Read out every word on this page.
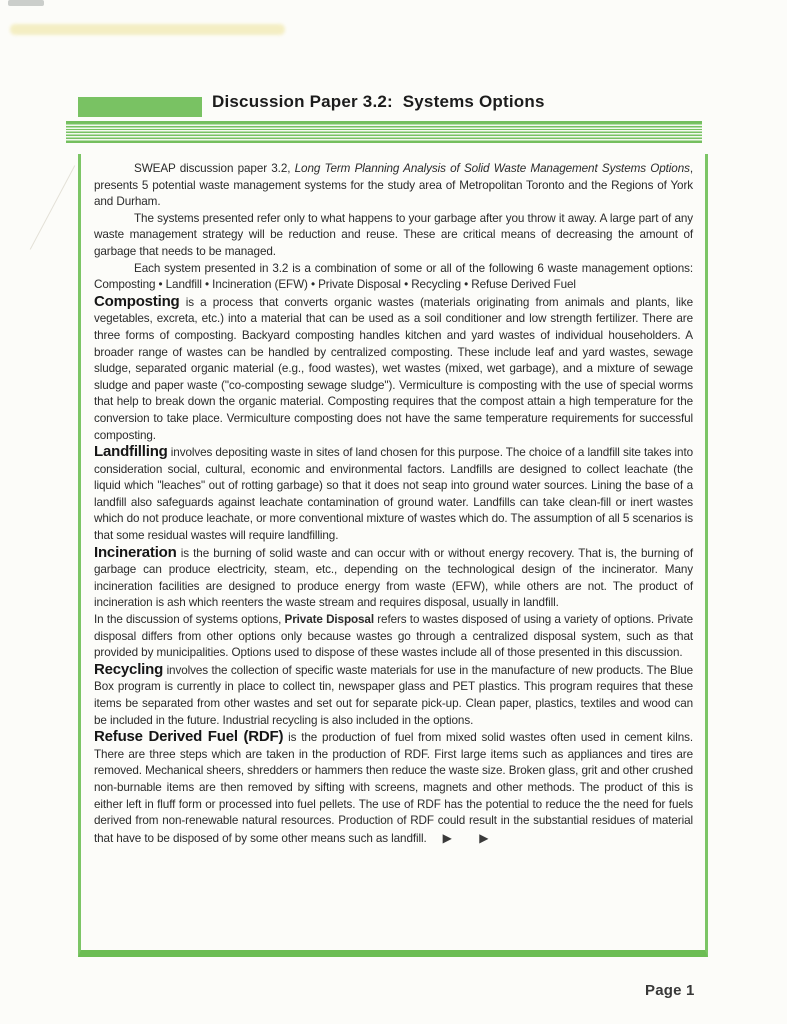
Discussion Paper 3.2:  Systems Options

SWEAP discussion paper 3.2, Long Term Planning Analysis of Solid Waste Management Systems Options, presents 5 potential waste management systems for the study area of Metropolitan Toronto and the Regions of York and Durham.

The systems presented refer only to what happens to your garbage after you throw it away. A large part of any waste management strategy will be reduction and reuse. These are critical means of decreasing the amount of garbage that needs to be managed.

Each system presented in 3.2 is a combination of some or all of the following 6 waste management options:    Composting • Landfill • Incineration (EFW) • Private Disposal • Recycling • Refuse Derived Fuel

Composting is a process that converts organic wastes (materials originating from animals and plants, like vegetables, excreta, etc.) into a material that can be used as a soil conditioner and low strength fertilizer. There are three forms of composting. Backyard composting handles kitchen and yard wastes of individual householders. A broader range of wastes can be handled by centralized composting. These include leaf and yard wastes, sewage sludge, separated organic material (e.g., food wastes), wet wastes (mixed, wet garbage), and a mixture of sewage sludge and paper waste ("co-composting sewage sludge"). Vermiculture is composting with the use of special worms that help to break down the organic material. Composting requires that the compost attain a high temperature for the conversion to take place. Vermiculture composting does not have the same temperature requirements for successful composting.

Landfilling involves depositing waste in sites of land chosen for this purpose. The choice of a landfill site takes into consideration social, cultural, economic and environmental factors. Landfills are designed to collect leachate (the liquid which "leaches" out of rotting garbage) so that it does not seap into ground water sources. Lining the base of a landfill also safeguards against leachate contamination of ground water. Landfills can take clean-fill or inert wastes which do not produce leachate, or more conventional mixture of wastes which do. The assumption of all 5 scenarios is that some residual wastes will require landfilling.

Incineration is the burning of solid waste and can occur with or without energy recovery. That is, the burning of garbage can produce electricity, steam, etc., depending on the technological design of the incinerator. Many incineration facilities are designed to produce energy from waste (EFW), while others are not. The product of incineration is ash which reenters the waste stream and requires disposal, usually in landfill.

In the discussion of systems options, Private Disposal refers to wastes disposed of using a variety of options. Private disposal differs from other options only because wastes go through a centralized disposal system, such as that provided by municipalities. Options used to dispose of these wastes include all of those presented in this discussion.

Recycling involves the collection of specific waste materials for use in the manufacture of new products. The Blue Box program is currently in place to collect tin, newspaper glass and PET plastics. This program requires that these items be separated from other wastes and set out for separate pick-up. Clean paper, plastics, textiles and wood can be included in the future. Industrial recycling is also included in the options.

Refuse Derived Fuel (RDF) is the production of fuel from mixed solid wastes often used in cement kilns. There are three steps which are taken in the production of RDF. First large items such as appliances and tires are removed. Mechanical sheers, shredders or hammers then reduce the waste size. Broken glass, grit and other crushed non-burnable items are then removed by sifting with screens, magnets and other methods. The product of this is either left in fluff form or processed into fuel pellets. The use of RDF has the potential to reduce the the need for fuels derived from non-renewable natural resources. Production of RDF could result in the substantial residues of material that have to be disposed of by some other means such as landfill. ▶ ▶

Page 1
